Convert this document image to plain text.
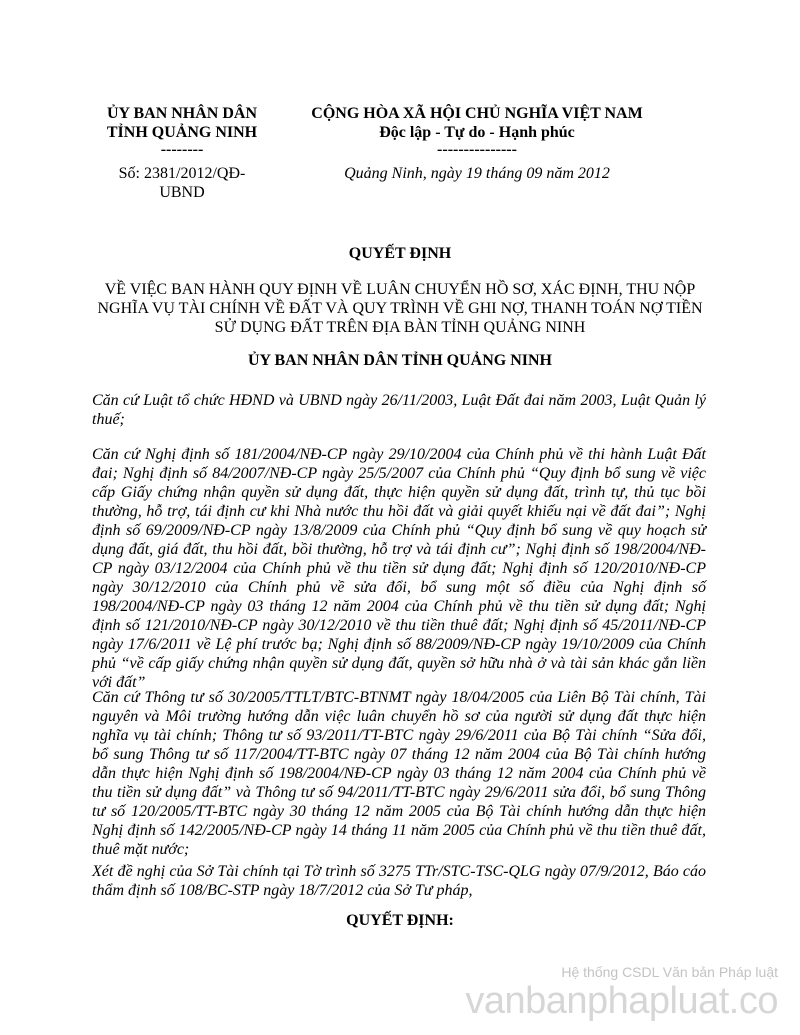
ỦY BAN NHÂN DÂN
TỈNH QUẢNG NINH
--------
CỘNG HÒA XÃ HỘI CHỦ NGHĨA VIỆT NAM
Độc lập - Tự do - Hạnh phúc
---------------
Số: 2381/2012/QĐ-
UBND
Quảng Ninh, ngày 19 tháng 09 năm 2012
QUYẾT ĐỊNH
VỀ VIỆC BAN HÀNH QUY ĐỊNH VỀ LUÂN CHUYỂN HỒ SƠ, XÁC ĐỊNH, THU NỘP
NGHĨA VỤ TÀI CHÍNH VỀ ĐẤT VÀ QUY TRÌNH VỀ GHI NỢ, THANH TOÁN NỢ TIỀN
SỬ DỤNG ĐẤT TRÊN ĐỊA BÀN TỈNH QUẢNG NINH
ỦY BAN NHÂN DÂN TỈNH QUẢNG NINH

Căn cứ Luật tổ chức HĐND và UBND ngày 26/11/2003, Luật Đất đai năm 2003, Luật Quản lý thuế;

Căn cứ Nghị định số 181/2004/NĐ-CP ngày 29/10/2004 của Chính phủ về thi hành Luật Đất đai; Nghị định số 84/2007/NĐ-CP ngày 25/5/2007 của Chính phủ “Quy định bổ sung về việc cấp Giấy chứng nhận quyền sử dụng đất, thực hiện quyền sử dụng đất, trình tự, thủ tục bồi thường, hỗ trợ, tái định cư khi Nhà nước thu hồi đất và giải quyết khiếu nại về đất đai”; Nghị định số 69/2009/NĐ-CP ngày 13/8/2009 của Chính phủ “Quy định bổ sung về quy hoạch sử dụng đất, giá đất, thu hồi đất, bồi thường, hỗ trợ và tái định cư”; Nghị định số 198/2004/NĐ-CP ngày 03/12/2004 của Chính phủ về thu tiền sử dụng đất; Nghị định số 120/2010/NĐ-CP ngày 30/12/2010 của Chính phủ về sửa đổi, bổ sung một số điều của Nghị định số 198/2004/NĐ-CP ngày 03 tháng 12 năm 2004 của Chính phủ về thu tiền sử dụng đất; Nghị định số 121/2010/NĐ-CP ngày 30/12/2010 về thu tiền thuê đất; Nghị định số 45/2011/NĐ-CP ngày 17/6/2011 về Lệ phí trước bạ; Nghị định số 88/2009/NĐ-CP ngày 19/10/2009 của Chính phủ “về cấp giấy chứng nhận quyền sử dụng đất, quyền sở hữu nhà ở và tài sản khác gắn liền với đất”

Căn cứ Thông tư số 30/2005/TTLT/BTC-BTNMT ngày 18/04/2005 của Liên Bộ Tài chính, Tài nguyên và Môi trường hướng dẫn việc luân chuyển hồ sơ của người sử dụng đất thực hiện nghĩa vụ tài chính; Thông tư số 93/2011/TT-BTC ngày 29/6/2011 của Bộ Tài chính “Sửa đổi, bổ sung Thông tư số 117/2004/TT-BTC ngày 07 tháng 12 năm 2004 của Bộ Tài chính hướng dẫn thực hiện Nghị định số 198/2004/NĐ-CP ngày 03 tháng 12 năm 2004 của Chính phủ về thu tiền sử dụng đất” và Thông tư số 94/2011/TT-BTC ngày 29/6/2011 sửa đổi, bổ sung Thông tư số 120/2005/TT-BTC ngày 30 tháng 12 năm 2005 của Bộ Tài chính hướng dẫn thực hiện Nghị định số 142/2005/NĐ-CP ngày 14 tháng 11 năm 2005 của Chính phủ về thu tiền thuê đất, thuê mặt nước;

Xét đề nghị của Sở Tài chính tại Tờ trình số 3275 TTr/STC-TSC-QLG ngày 07/9/2012, Báo cáo thẩm định số 108/BC-STP ngày 18/7/2012 của Sở Tư pháp,

QUYẾT ĐỊNH:
Hệ thống CSDL Văn bản Pháp luật
vanbanphapluat.co
